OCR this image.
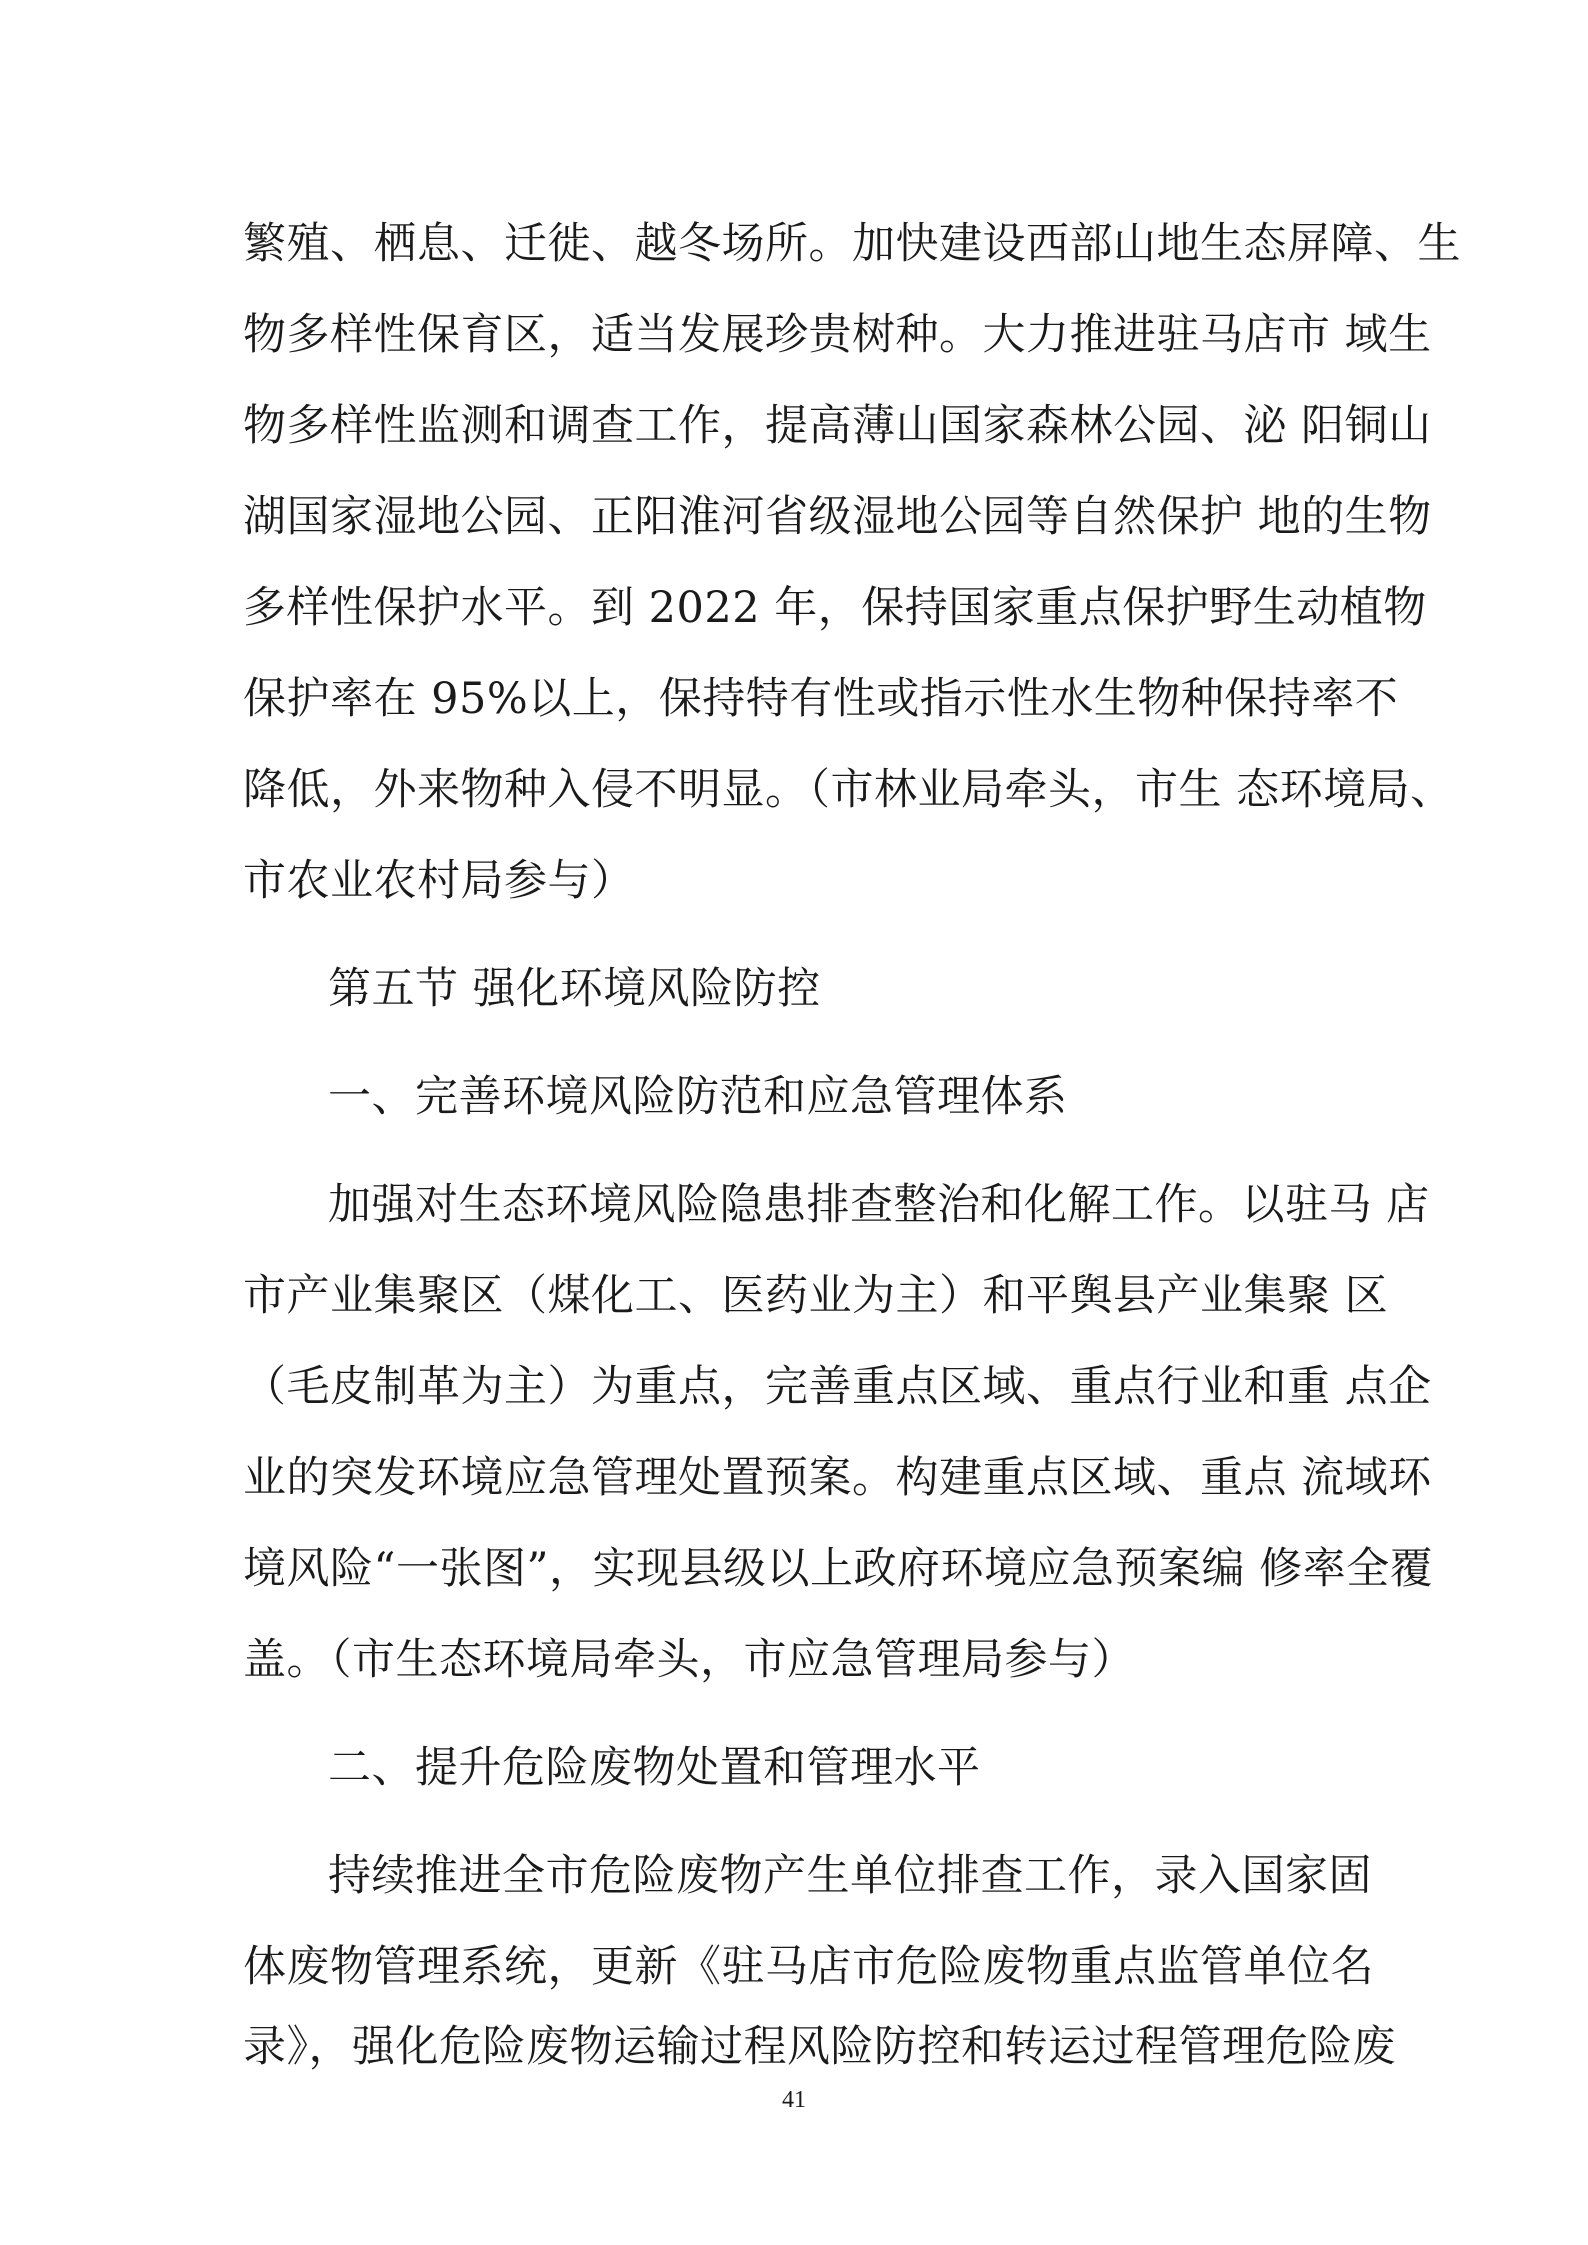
繁殖、栖息、迁徙、越冬场所。加快建设西部山地生态屏障、生
物多样性保育区，适当发展珍贵树种。大力推进驻马店市 域生
物多样性监测和调查工作，提高薄山国家森林公园、泌 阳铜山
湖国家湿地公园、正阳淮河省级湿地公园等自然保护 地的生物
多样性保护水平。到 2022 年，保持国家重点保护野生动植物
保护率在 95%以上，保持特有性或指示性水生物种保持率不
降低，外来物种入侵不明显。（市林业局牵头，市生 态环境局、
市农业农村局参与）
第五节 强化环境风险防控
一、完善环境风险防范和应急管理体系
加强对生态环境风险隐患排查整治和化解工作。以驻马 店
市产业集聚区（煤化工、医药业为主）和平舆县产业集聚 区
（毛皮制革为主）为重点，完善重点区域、重点行业和重 点企
业的突发环境应急管理处置预案。构建重点区域、重点 流域环
境风险“一张图”，实现县级以上政府环境应急预案编 修率全覆
盖。（市生态环境局牵头，市应急管理局参与）
二、提升危险废物处置和管理水平
持续推进全市危险废物产生单位排查工作，录入国家固
体废物管理系统，更新《驻马店市危险废物重点监管单位名
录》，强化危险废物运输过程风险防控和转运过程管理危险废
41
